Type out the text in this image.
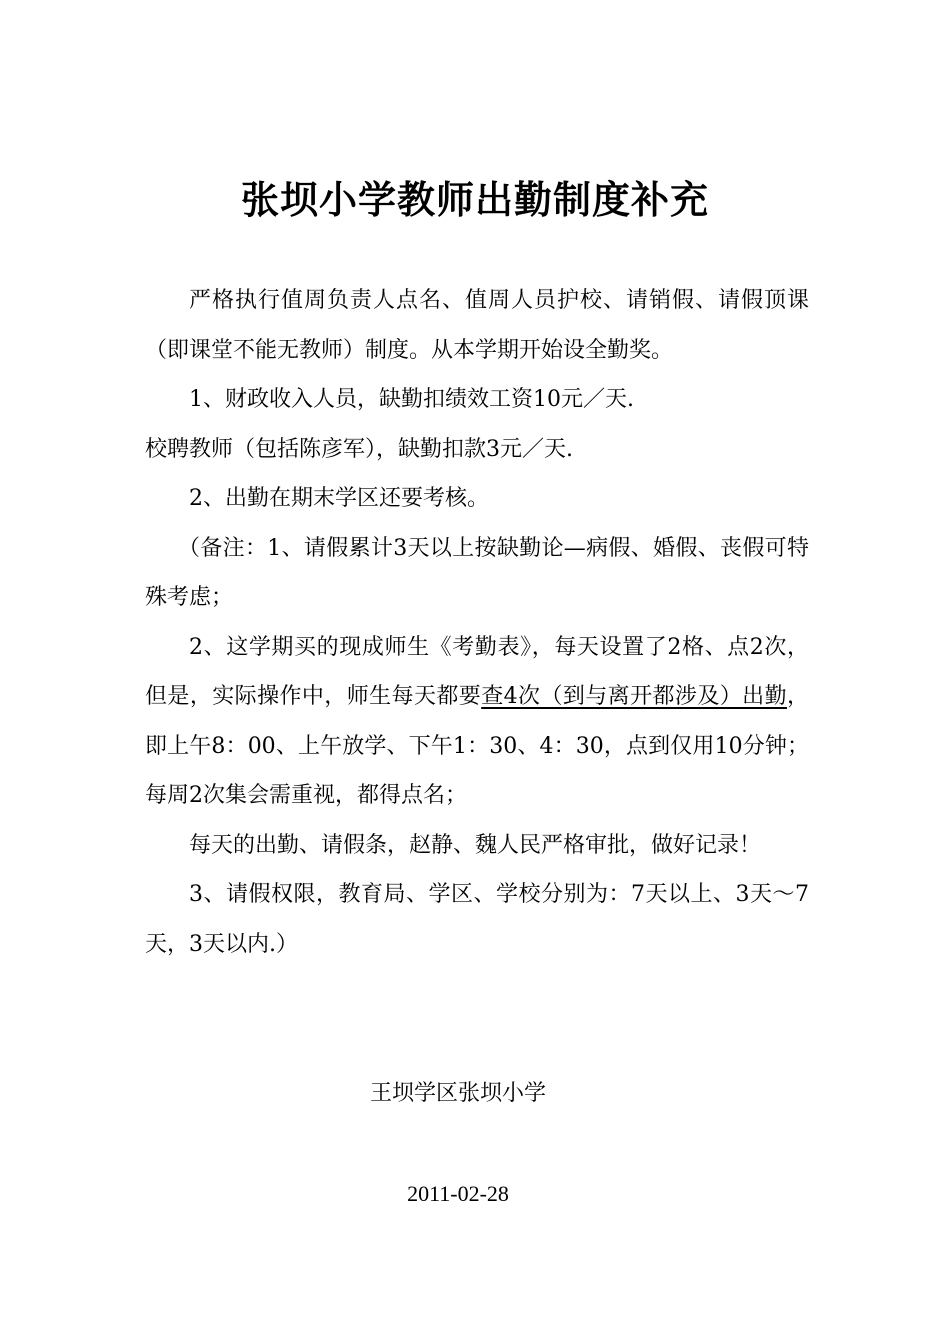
张坝小学教师出勤制度补充

严格执行值周负责人点名、值周人员护校、请销假、请假顶课（即课堂不能无教师）制度。从本学期开始设全勤奖。

1、财政收入人员，缺勤扣绩效工资10元／天.

校聘教师（包括陈彦军），缺勤扣款3元／天.

2、出勤在期末学区还要考核。

（备注：1、请假累计3天以上按缺勤论—病假、婚假、丧假可特殊考虑；

2、这学期买的现成师生《考勤表》，每天设置了2格、点2次，但是，实际操作中，师生每天都要查4次（到与离开都涉及）出勤，即上午8：00、上午放学、下午1：30、4：30，点到仅用10分钟；每周2次集会需重视，都得点名；

每天的出勤、请假条，赵静、魏人民严格审批，做好记录！

3、请假权限，教育局、学区、学校分别为：7天以上、3天～7天，3天以内.）

王坝学区张坝小学

2011-02-28
